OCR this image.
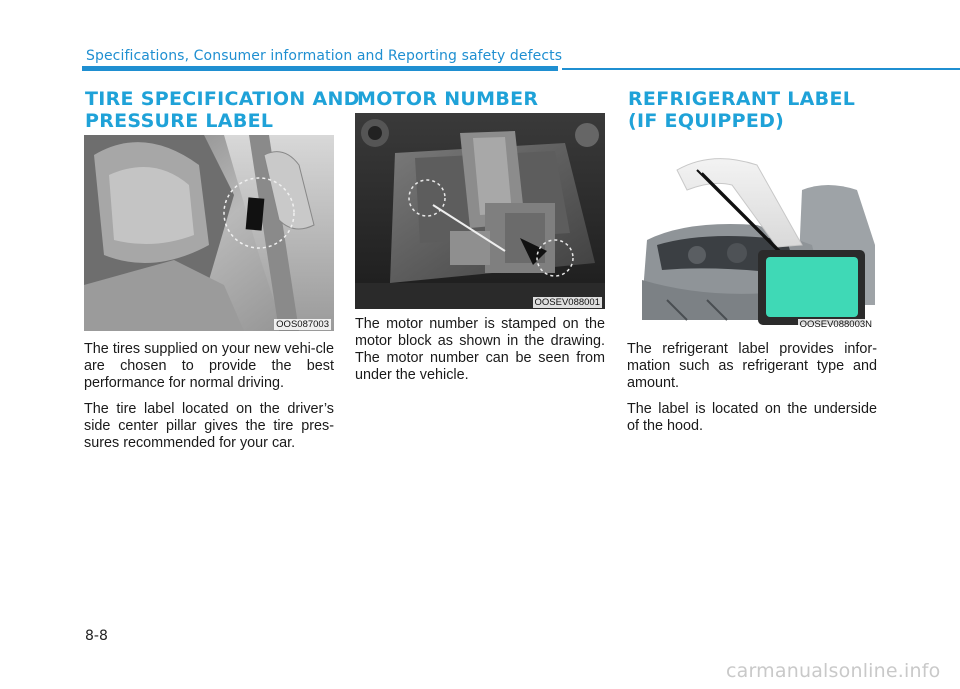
Specifications, Consumer information and Reporting safety defects
TIRE SPECIFICATION AND
PRESSURE LABEL
OOS087003

The tires supplied on your new vehi-cle are chosen to provide the best performance for normal driving.

The tire label located on the driver’s side center pillar gives the tire pres-sures recommended for your car.

MOTOR NUMBER
OOSEV088001

The motor number is stamped on the motor block as shown in the drawing. The motor number can be seen from under the vehicle.

REFRIGERANT LABEL
(IF EQUIPPED)
OOSEV088003N

The refrigerant label provides infor-mation such as refrigerant type and amount.

The label is located on the underside of the hood.

8-8
carmanualsonline.info
